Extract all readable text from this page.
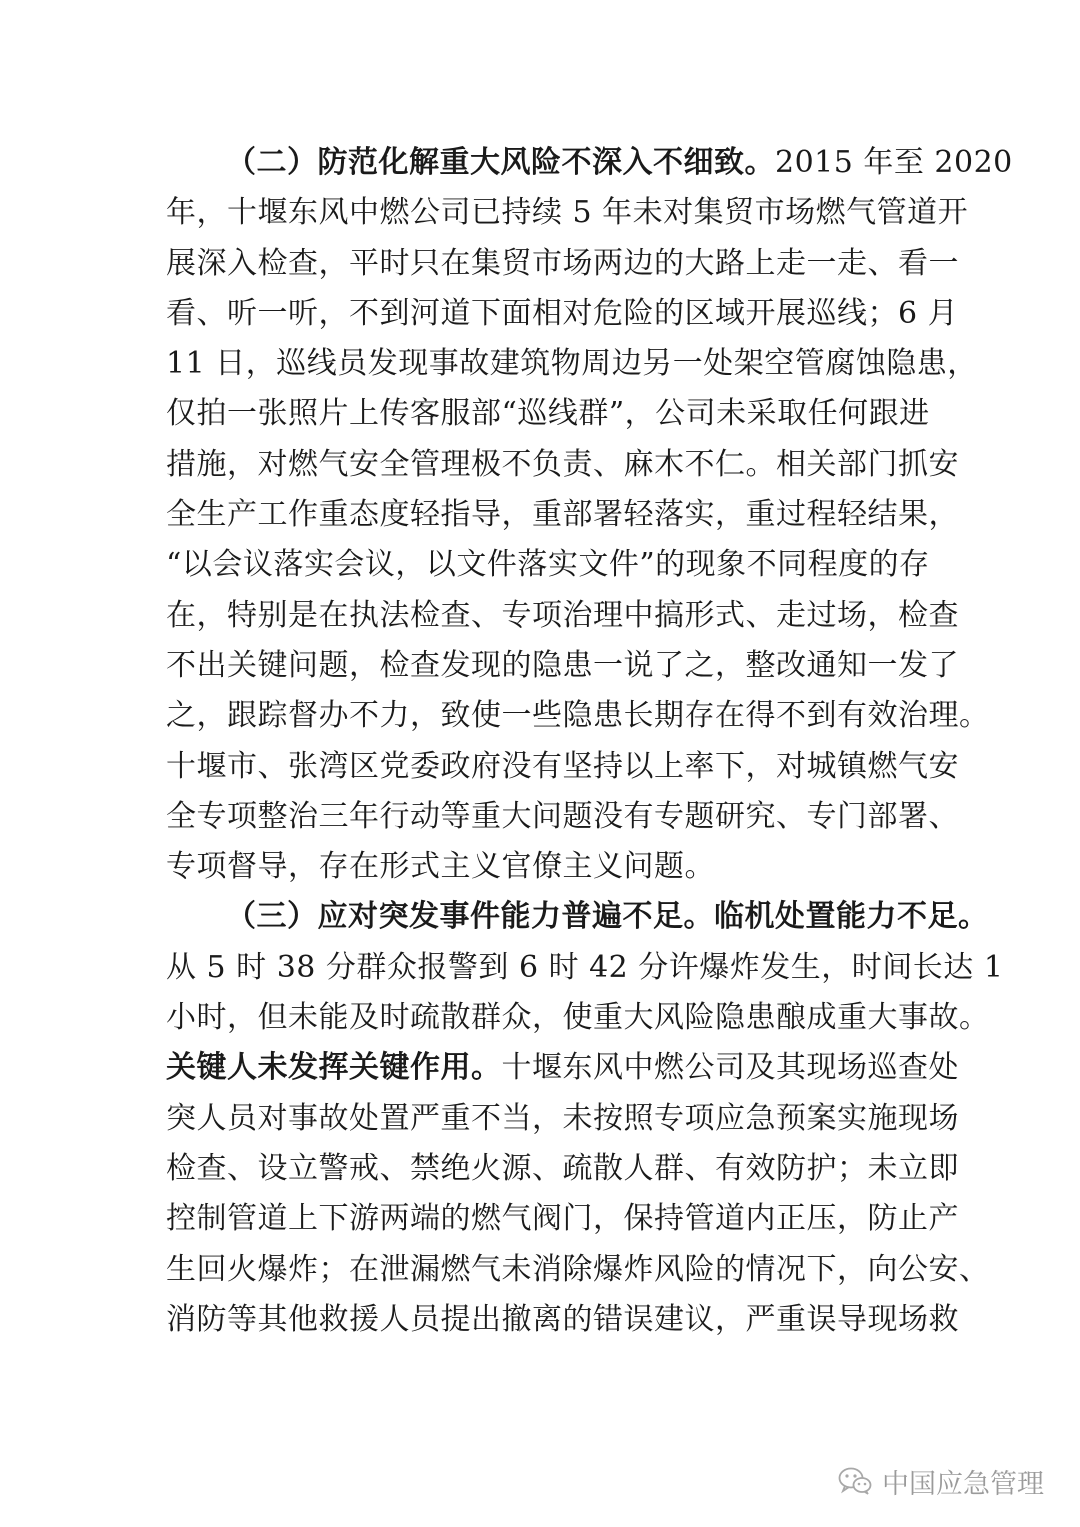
（二）防范化解重大风险不深入不细致。2015 年至 2020
年，十堰东风中燃公司已持续 5 年未对集贸市场燃气管道开
展深入检查，平时只在集贸市场两边的大路上走一走、看一
看、听一听，不到河道下面相对危险的区域开展巡线；6 月
11 日，巡线员发现事故建筑物周边另一处架空管腐蚀隐患，
仅拍一张照片上传客服部“巡线群”，公司未采取任何跟进
措施，对燃气安全管理极不负责、麻木不仁。相关部门抓安
全生产工作重态度轻指导，重部署轻落实，重过程轻结果，
“以会议落实会议，以文件落实文件”的现象不同程度的存
在，特别是在执法检查、专项治理中搞形式、走过场，检查
不出关键问题，检查发现的隐患一说了之，整改通知一发了
之，跟踪督办不力，致使一些隐患长期存在得不到有效治理。
十堰市、张湾区党委政府没有坚持以上率下，对城镇燃气安
全专项整治三年行动等重大问题没有专题研究、专门部署、
专项督导，存在形式主义官僚主义问题。
（三）应对突发事件能力普遍不足。临机处置能力不足。
从 5 时 38 分群众报警到 6 时 42 分许爆炸发生，时间长达 1
小时，但未能及时疏散群众，使重大风险隐患酿成重大事故。
关键人未发挥关键作用。十堰东风中燃公司及其现场巡查处
突人员对事故处置严重不当，未按照专项应急预案实施现场
检查、设立警戒、禁绝火源、疏散人群、有效防护；未立即
控制管道上下游两端的燃气阀门，保持管道内正压，防止产
生回火爆炸；在泄漏燃气未消除爆炸风险的情况下，向公安、
消防等其他救援人员提出撤离的错误建议，严重误导现场救
中国应急管理
